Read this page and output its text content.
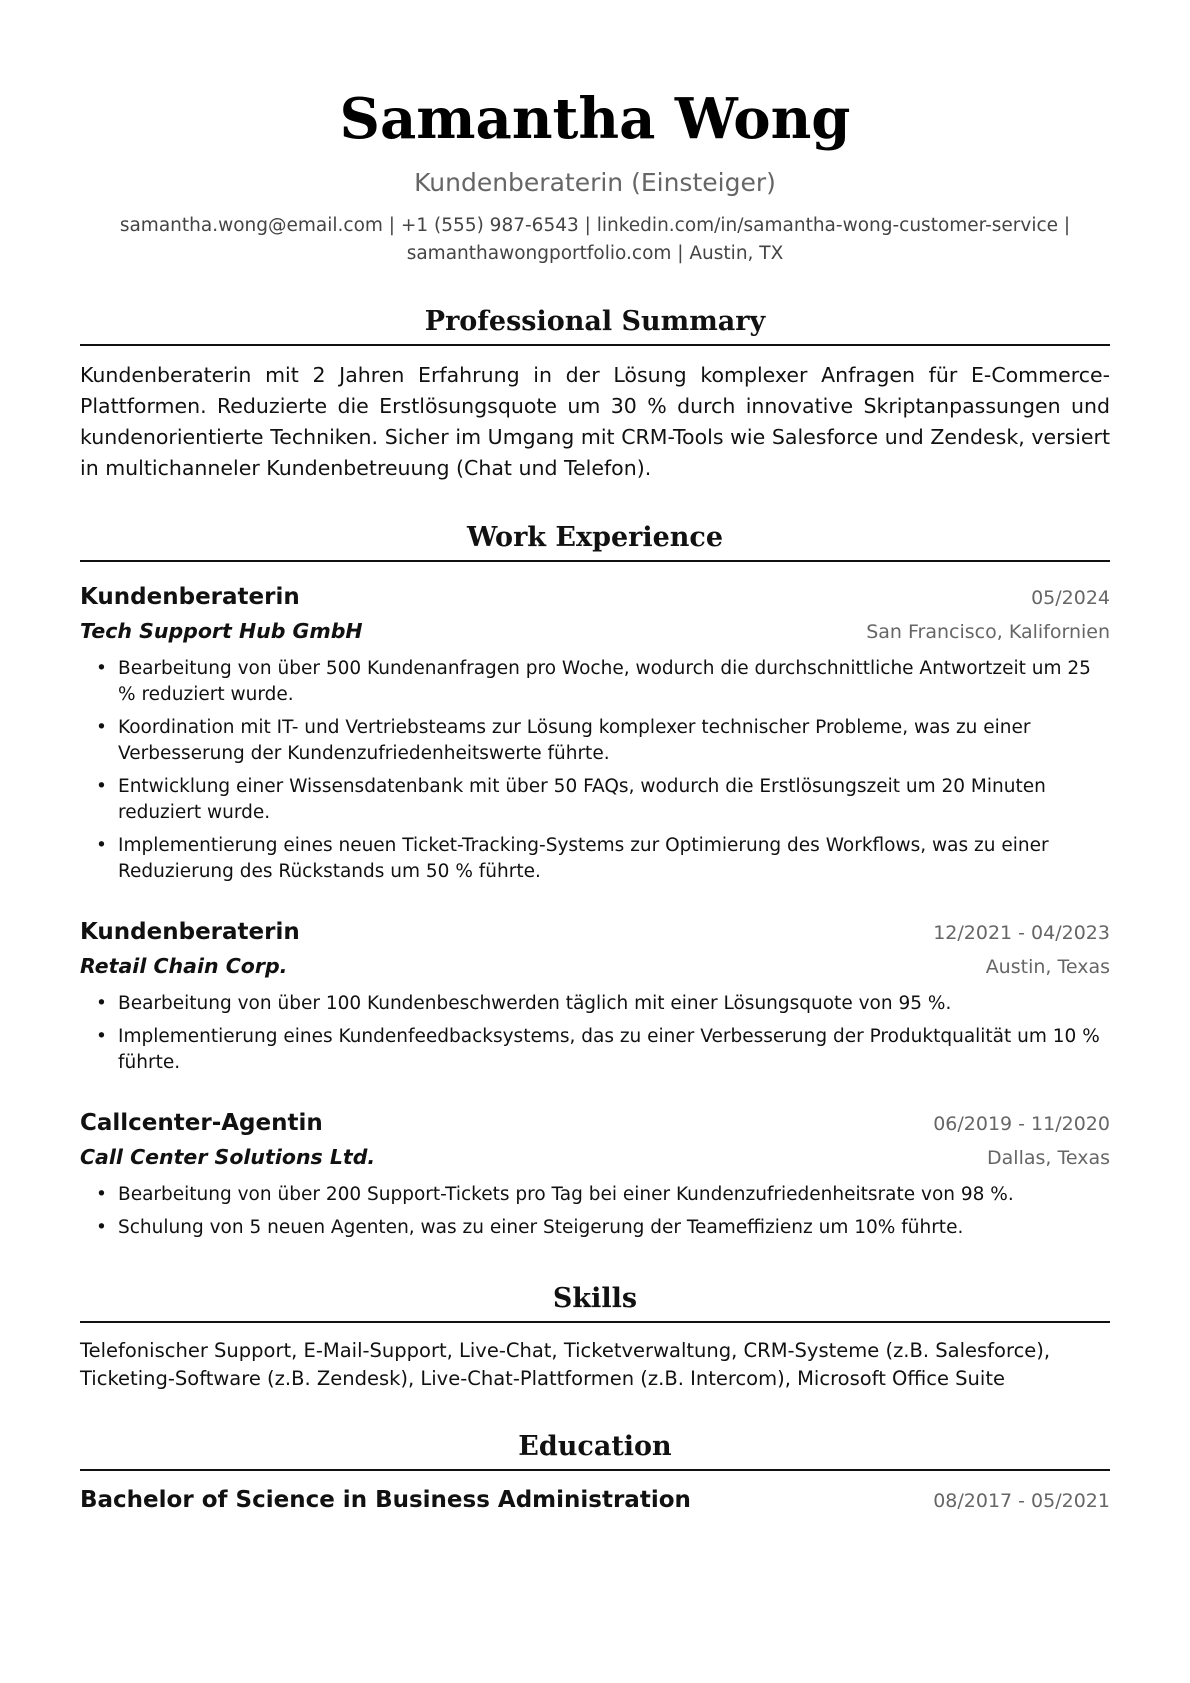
Samantha Wong
Kundenberaterin (Einsteiger)
samantha.wong@email.com | +1 (555) 987-6543 | linkedin.com/in/samantha-wong-customer-service |
samanthawongportfolio.com | Austin, TX
Professional Summary
Kundenberaterin mit 2 Jahren Erfahrung in der Lösung komplexer Anfragen für E-Commerce-Plattformen. Reduzierte die Erstlösungsquote um 30 % durch innovative Skriptanpassungen und kundenorientierte Techniken. Sicher im Umgang mit CRM-Tools wie Salesforce und Zendesk, versiert in multichanneler Kundenbetreuung (Chat und Telefon).
Work Experience
Kundenberaterin	05/2024
Tech Support Hub GmbH	San Francisco, Kalifornien
• Bearbeitung von über 500 Kundenanfragen pro Woche, wodurch die durchschnittliche Antwortzeit um 25 % reduziert wurde.
• Koordination mit IT- und Vertriebsteams zur Lösung komplexer technischer Probleme, was zu einer Verbesserung der Kundenzufriedenheitswerte führte.
• Entwicklung einer Wissensdatenbank mit über 50 FAQs, wodurch die Erstlösungszeit um 20 Minuten reduziert wurde.
• Implementierung eines neuen Ticket-Tracking-Systems zur Optimierung des Workflows, was zu einer Reduzierung des Rückstands um 50 % führte.
Kundenberaterin	12/2021 - 04/2023
Retail Chain Corp.	Austin, Texas
• Bearbeitung von über 100 Kundenbeschwerden täglich mit einer Lösungsquote von 95 %.
• Implementierung eines Kundenfeedbacksystems, das zu einer Verbesserung der Produktqualität um 10 % führte.
Callcenter-Agentin	06/2019 - 11/2020
Call Center Solutions Ltd.	Dallas, Texas
• Bearbeitung von über 200 Support-Tickets pro Tag bei einer Kundenzufriedenheitsrate von 98 %.
• Schulung von 5 neuen Agenten, was zu einer Steigerung der Teameffizienz um 10% führte.
Skills
Telefonischer Support, E-Mail-Support, Live-Chat, Ticketverwaltung, CRM-Systeme (z.B. Salesforce), Ticketing-Software (z.B. Zendesk), Live-Chat-Plattformen (z.B. Intercom), Microsoft Office Suite
Education
Bachelor of Science in Business Administration	08/2017 - 05/2021
